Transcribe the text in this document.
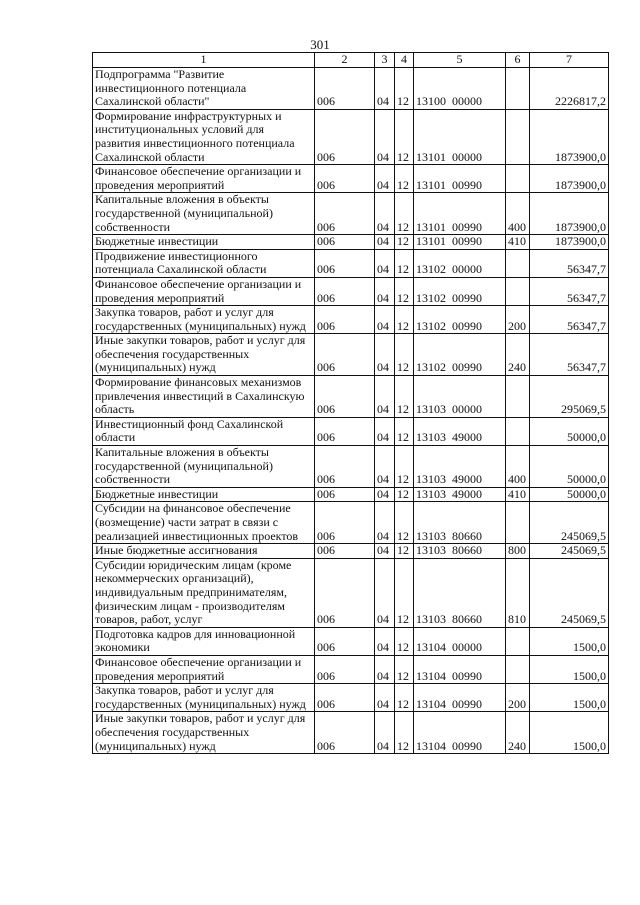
301
1	2	3	4	5	6	7
Подпрограмма "Развитие инвестиционного потенциала Сахалинской области"	006	04	12	13100  00000		2226817,2
Формирование инфраструктурных и институциональных условий для развития инвестиционного потенциала Сахалинской области	006	04	12	13101  00000		1873900,0
Финансовое обеспечение организации и проведения мероприятий	006	04	12	13101  00990		1873900,0
Капитальные вложения в объекты государственной (муниципальной) собственности	006	04	12	13101  00990	400	1873900,0
Бюджетные инвестиции	006	04	12	13101  00990	410	1873900,0
Продвижение инвестиционного потенциала Сахалинской области	006	04	12	13102  00000		56347,7
Финансовое обеспечение организации и проведения мероприятий	006	04	12	13102  00990		56347,7
Закупка товаров, работ и услуг для государственных (муниципальных) нужд	006	04	12	13102  00990	200	56347,7
Иные закупки товаров, работ и услуг для обеспечения государственных (муниципальных) нужд	006	04	12	13102  00990	240	56347,7
Формирование финансовых механизмов привлечения инвестиций в Сахалинскую область	006	04	12	13103  00000		295069,5
Инвестиционный фонд Сахалинской области	006	04	12	13103  49000		50000,0
Капитальные вложения в объекты государственной (муниципальной) собственности	006	04	12	13103  49000	400	50000,0
Бюджетные инвестиции	006	04	12	13103  49000	410	50000,0
Субсидии на финансовое обеспечение (возмещение) части затрат в связи с реализацией инвестиционных проектов	006	04	12	13103  80660		245069,5
Иные бюджетные ассигнования	006	04	12	13103  80660	800	245069,5
Субсидии юридическим лицам (кроме некоммерческих организаций), индивидуальным предпринимателям, физическим лицам - производителям товаров, работ, услуг	006	04	12	13103  80660	810	245069,5
Подготовка кадров для инновационной экономики	006	04	12	13104  00000		1500,0
Финансовое обеспечение организации и проведения мероприятий	006	04	12	13104  00990		1500,0
Закупка товаров, работ и услуг для государственных (муниципальных) нужд	006	04	12	13104  00990	200	1500,0
Иные закупки товаров, работ и услуг для обеспечения государственных (муниципальных) нужд	006	04	12	13104  00990	240	1500,0
